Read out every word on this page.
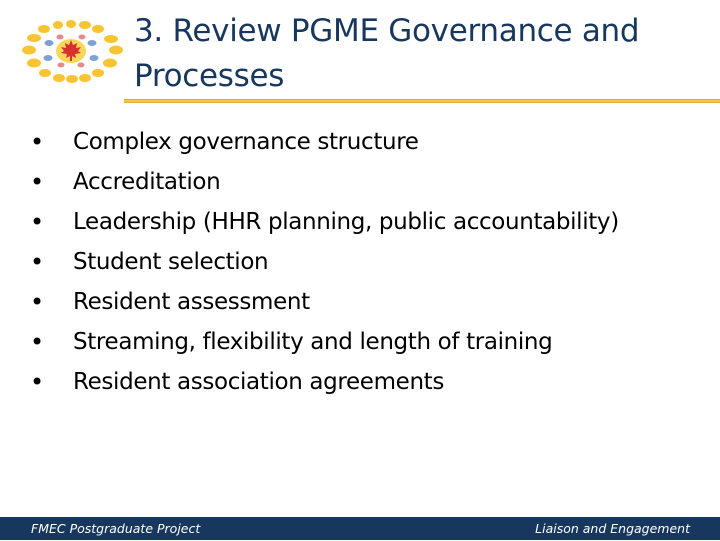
3. Review PGME Governance and Processes
• Complex governance structure
• Accreditation
• Leadership (HHR planning, public accountability)
• Student selection
• Resident assessment
• Streaming, flexibility and length of training
• Resident association agreements
FMEC Postgraduate Project	Liaison and Engagement
